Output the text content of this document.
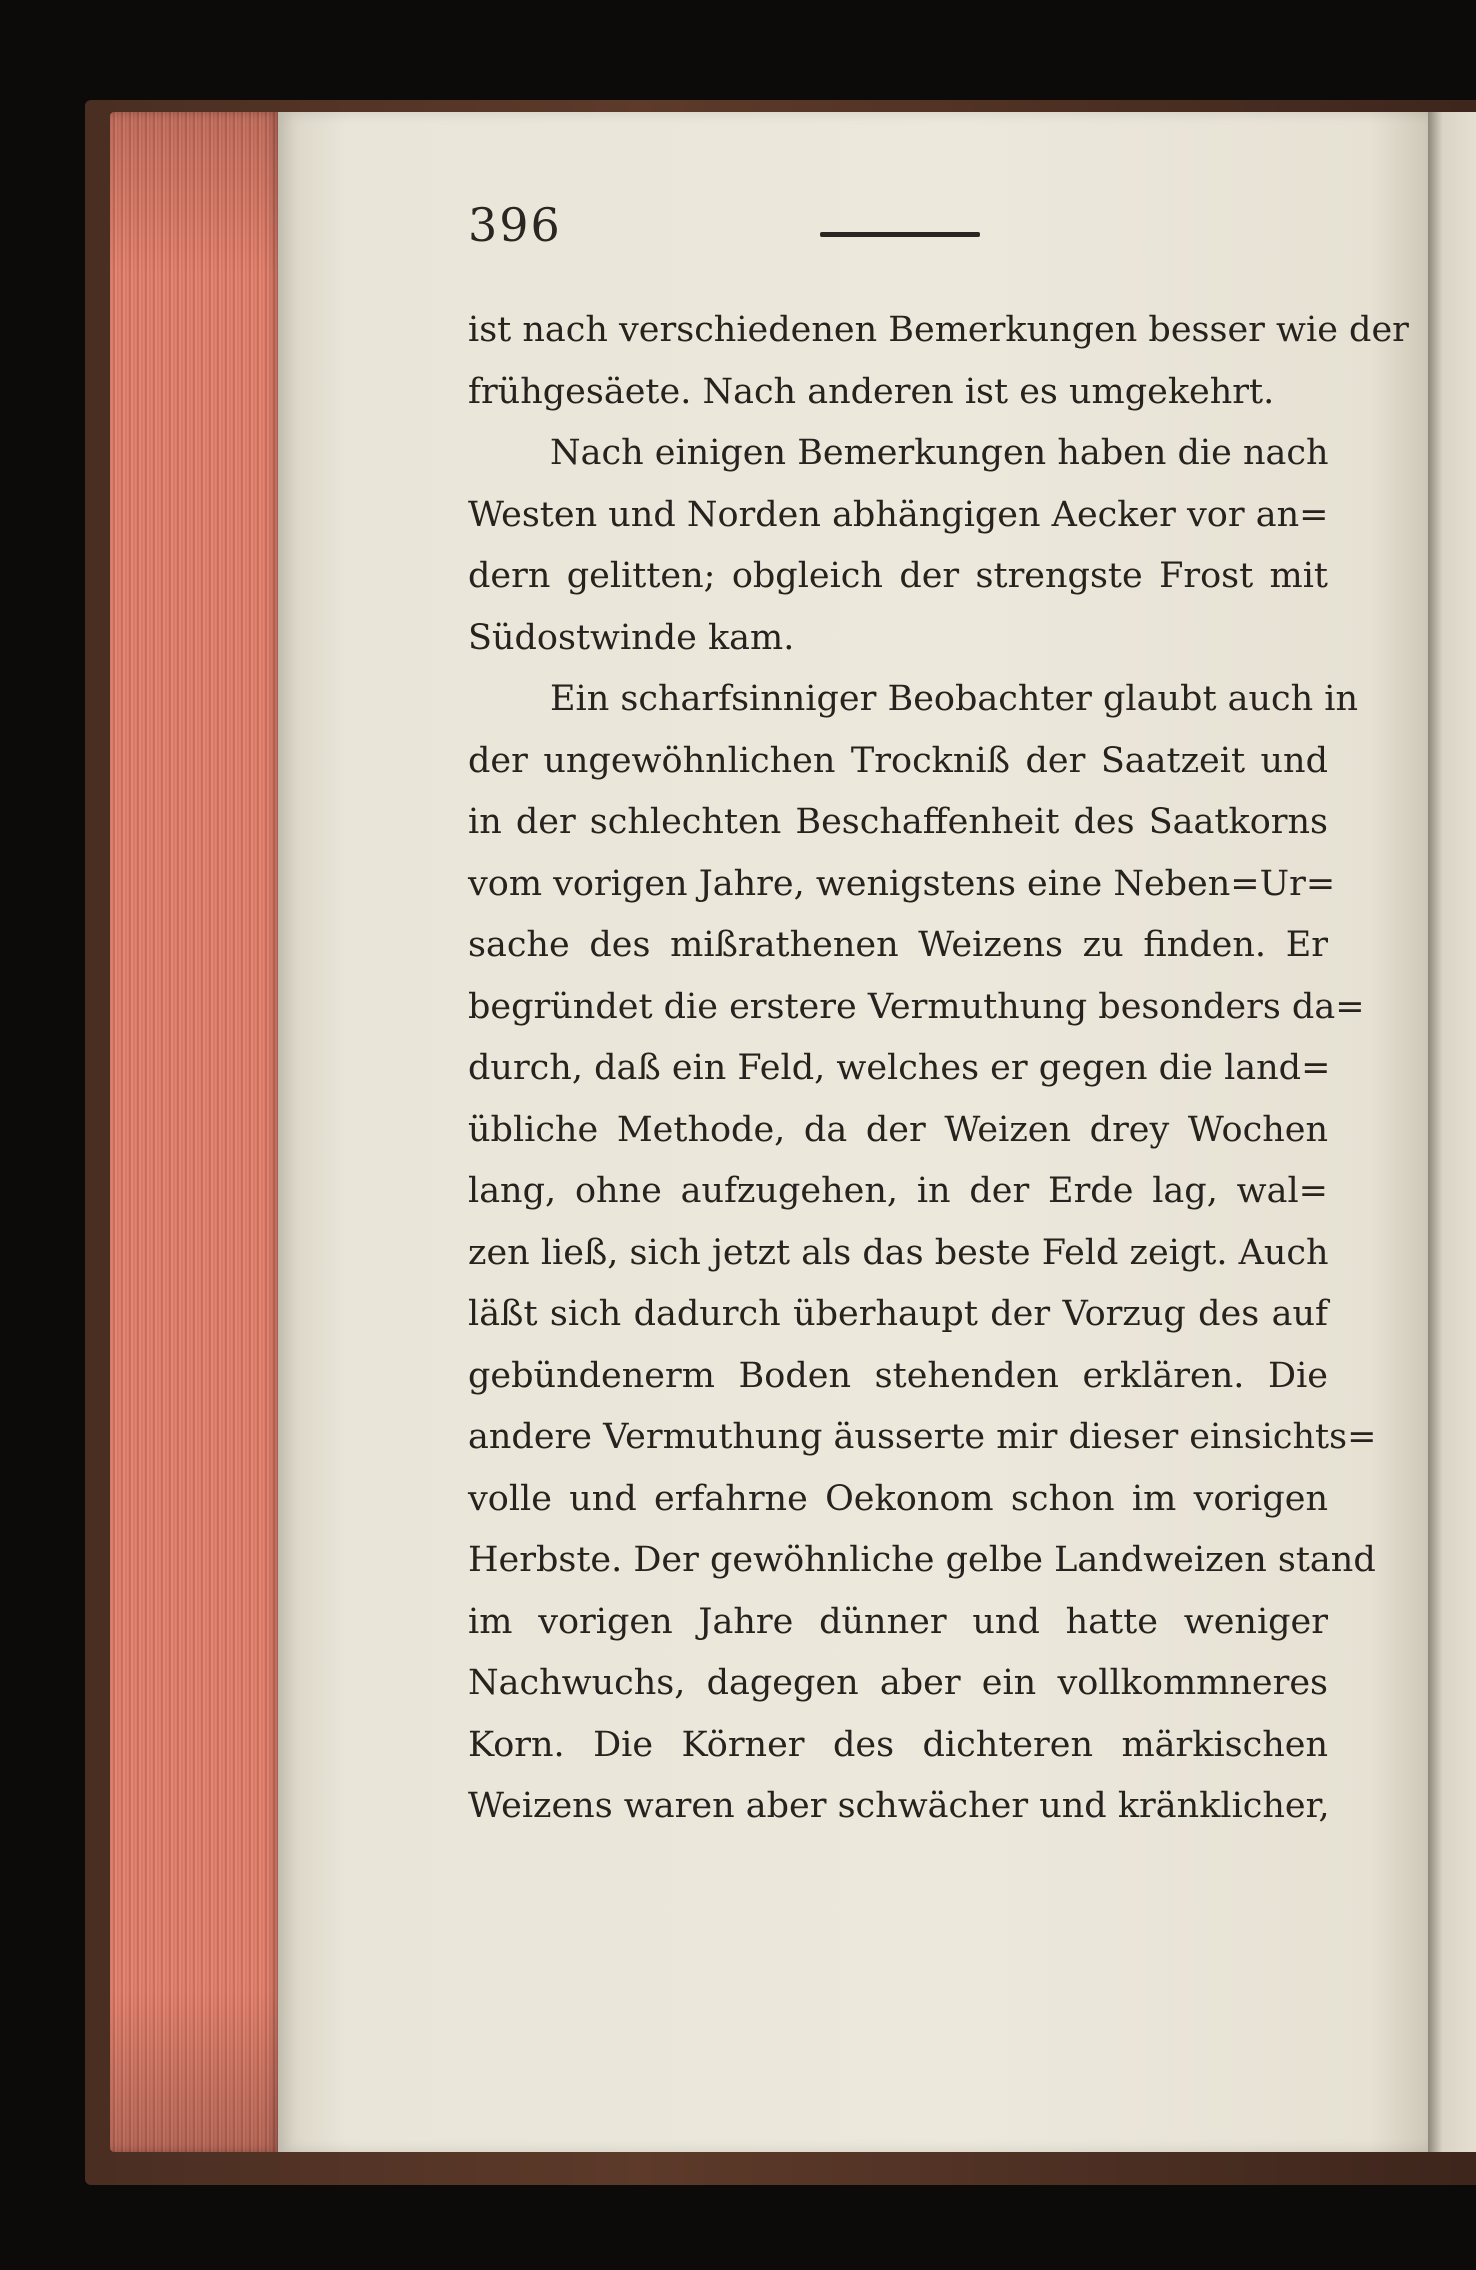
396

ist nach verschiedenen Bemerkungen besser wie der
frühgesäete. Nach anderen ist es umgekehrt.

Nach einigen Bemerkungen haben die nach
Westen und Norden abhängigen Aecker vor an=
dern gelitten; obgleich der strengste Frost mit
Südostwinde kam.

Ein scharfsinniger Beobachter glaubt auch in
der ungewöhnlichen Trockniß der Saatzeit und
in der schlechten Beschaffenheit des Saatkorns
vom vorigen Jahre, wenigstens eine Neben=Ur=
sache des mißrathenen Weizens zu finden. Er
begründet die erstere Vermuthung besonders da=
durch, daß ein Feld, welches er gegen die land=
übliche Methode, da der Weizen drey Wochen
lang, ohne aufzugehen, in der Erde lag, wal=
zen ließ, sich jetzt als das beste Feld zeigt. Auch
läßt sich dadurch überhaupt der Vorzug des auf
gebündenerm Boden stehenden erklären. Die
andere Vermuthung äusserte mir dieser einsichts=
volle und erfahrne Oekonom schon im vorigen
Herbste. Der gewöhnliche gelbe Landweizen stand
im vorigen Jahre dünner und hatte weniger
Nachwuchs, dagegen aber ein vollkommneres
Korn. Die Körner des dichteren märkischen
Weizens waren aber schwächer und kränklicher,
